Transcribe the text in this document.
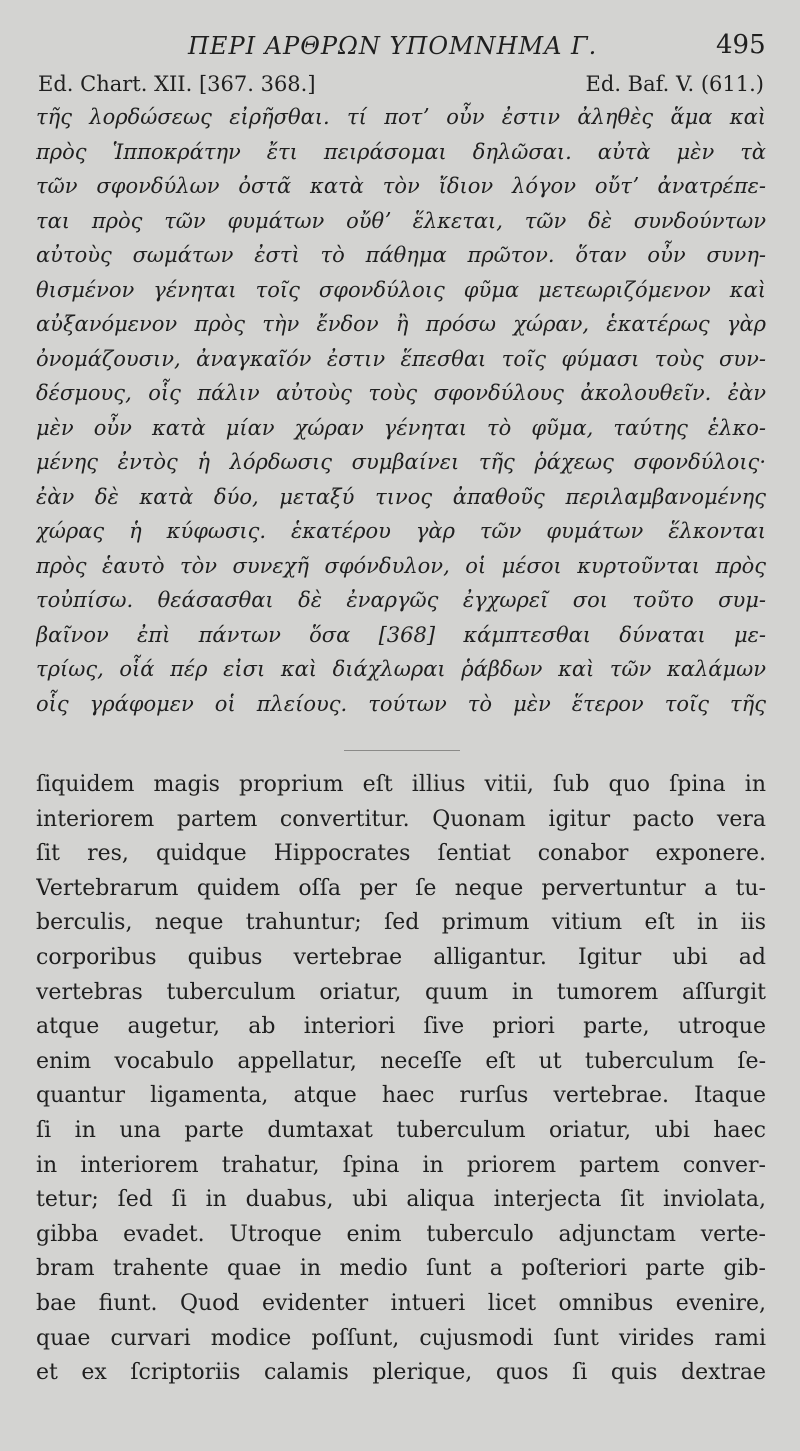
ΠΕΡΙ ΑΡΘΡΩΝ ΥΠΟΜΝΗΜΑ Γ.	495
Ed. Chart. XII. [367. 368.]	Ed. Baf. V. (611.)
τῆς λορδώσεως εἰρῆσθαι. τί ποτʼ οὖν ἐστιν ἀληθὲς ἅμα καὶ
πρὸς Ἱπποκράτην ἔτι πειράσομαι δηλῶσαι. αὐτὰ μὲν τὰ
τῶν σφονδύλων ὀστᾶ κατὰ τὸν ἴδιον λόγον οὔτʼ ἀνατρέπε-
ται πρὸς τῶν φυμάτων οὔθʼ ἕλκεται, τῶν δὲ συνδούντων
αὐτοὺς σωμάτων ἐστὶ τὸ πάθημα πρῶτον. ὅταν οὖν συνη-
θισμένον γένηται τοῖς σφονδύλοις φῦμα μετεωριζόμενον καὶ
αὐξανόμενον πρὸς τὴν ἔνδον ἢ πρόσω χώραν, ἑκατέρως γὰρ
ὀνομάζουσιν, ἀναγκαῖόν ἐστιν ἕπεσθαι τοῖς φύμασι τοὺς συν-
δέσμους, οἷς πάλιν αὐτοὺς τοὺς σφονδύλους ἀκολουθεῖν. ἐὰν
μὲν οὖν κατὰ μίαν χώραν γένηται τὸ φῦμα, ταύτης ἑλκο-
μένης ἐντὸς ἡ λόρδωσις συμβαίνει τῆς ῥάχεως σφονδύλοις·
ἐὰν δὲ κατὰ δύο, μεταξύ τινος ἀπαθοῦς περιλαμβανομένης
χώρας ἡ κύφωσις. ἑκατέρου γὰρ τῶν φυμάτων ἕλκονται
πρὸς ἑαυτὸ τὸν συνεχῆ σφόνδυλον, οἱ μέσοι κυρτοῦνται πρὸς
τοὐπίσω. θεάσασθαι δὲ ἐναργῶς ἐγχωρεῖ σοι τοῦτο συμ-
βαῖνον ἐπὶ πάντων ὅσα [368] κάμπτεσθαι δύναται με-
τρίως, οἷά πέρ εἰσι καὶ διάχλωραι ῥάβδων καὶ τῶν καλάμων
οἷς γράφομεν οἱ πλείους. τούτων τὸ μὲν ἕτερον τοῖς τῆς
ſiquidem magis proprium eſt illius vitii, ſub quo ſpina in
interiorem partem convertitur. Quonam igitur pacto vera
ſit res, quidque Hippocrates ſentiat conabor exponere.
Vertebrarum quidem oſſa per ſe neque pervertuntur a tu-
berculis, neque trahuntur; ſed primum vitium eſt in iis
corporibus quibus vertebrae alligantur. Igitur ubi ad
vertebras tuberculum oriatur, quum in tumorem aſſurgit
atque augetur, ab interiori ſive priori parte, utroque
enim vocabulo appellatur, neceſſe eſt ut tuberculum ſe-
quantur ligamenta, atque haec rurſus vertebrae. Itaque
ſi in una parte dumtaxat tuberculum oriatur, ubi haec
in interiorem trahatur, ſpina in priorem partem conver-
tetur; ſed ſi in duabus, ubi aliqua interjecta ſit inviolata,
gibba evadet. Utroque enim tuberculo adjunctam verte-
bram trahente quae in medio ſunt a poſteriori parte gib-
bae fiunt. Quod evidenter intueri licet omnibus evenire,
quae curvari modice poſſunt, cujusmodi ſunt virides rami
et ex ſcriptoriis calamis plerique, quos ſi quis dextrae
